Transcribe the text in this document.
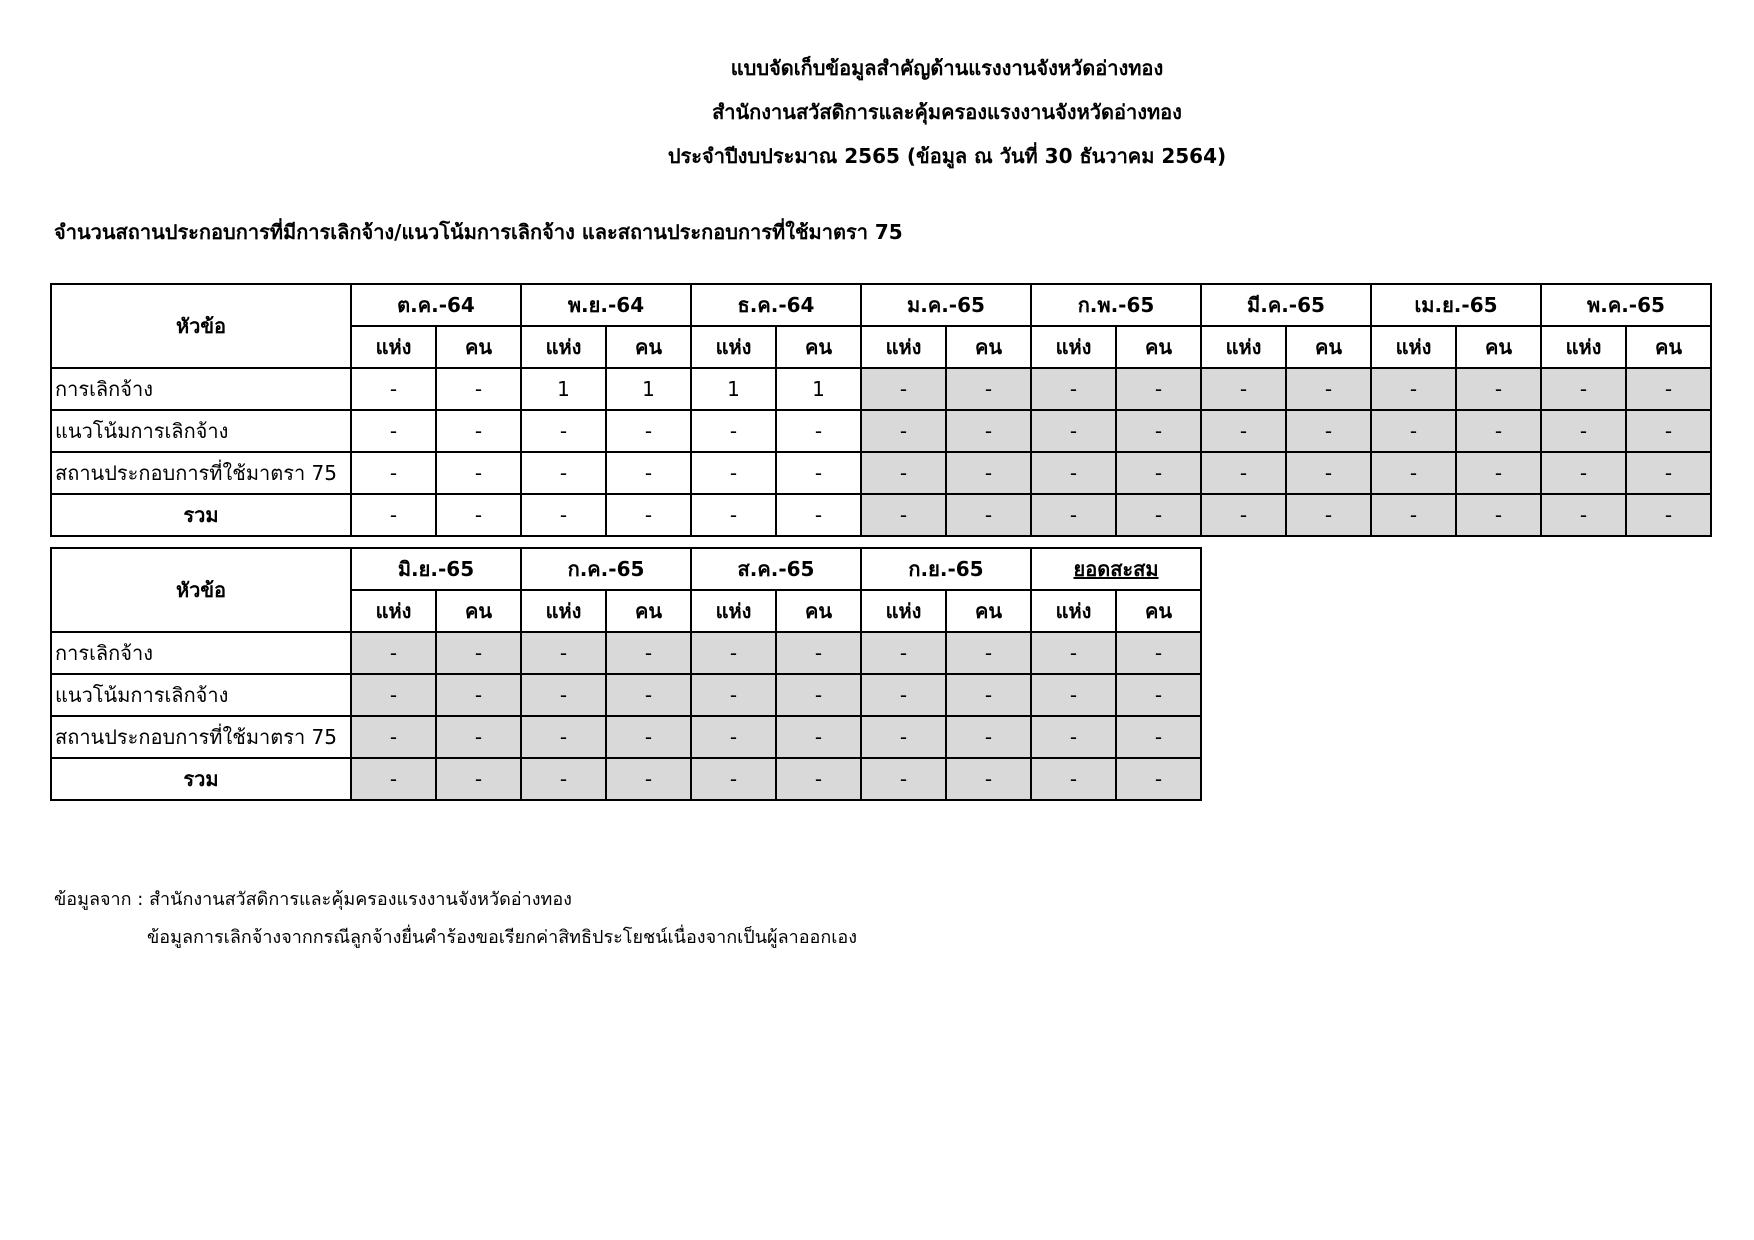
แบบจัดเก็บข้อมูลสำคัญด้านแรงงานจังหวัดอ่างทอง
สำนักงานสวัสดิการและคุ้มครองแรงงานจังหวัดอ่างทอง
ประจำปีงบประมาณ 2565 (ข้อมูล ณ วันที่ 30 ธันวาคม 2564)
จำนวนสถานประกอบการที่มีการเลิกจ้าง/แนวโน้มการเลิกจ้าง และสถานประกอบการที่ใช้มาตรา 75
หัวข้อ	ต.ค.-64		พ.ย.-64		ธ.ค.-64		ม.ค.-65		ก.พ.-65		มี.ค.-65		เม.ย.-65		พ.ค.-65	
	แห่ง	คน	แห่ง	คน	แห่ง	คน	แห่ง	คน	แห่ง	คน	แห่ง	คน	แห่ง	คน	แห่ง	คน
การเลิกจ้าง	-	-	1	1	1	1	-	-	-	-	-	-	-	-	-	-
แนวโน้มการเลิกจ้าง	-	-	-	-	-	-	-	-	-	-	-	-	-	-	-	-
สถานประกอบการที่ใช้มาตรา 75	-	-	-	-	-	-	-	-	-	-	-	-	-	-	-	-
รวม	-	-	-	-	-	-	-	-	-	-	-	-	-	-	-	-
หัวข้อ	มิ.ย.-65		ก.ค.-65		ส.ค.-65		ก.ย.-65		ยอดสะสม	
	แห่ง	คน	แห่ง	คน	แห่ง	คน	แห่ง	คน	แห่ง	คน
การเลิกจ้าง	-	-	-	-	-	-	-	-	-	-
แนวโน้มการเลิกจ้าง	-	-	-	-	-	-	-	-	-	-
สถานประกอบการที่ใช้มาตรา 75	-	-	-	-	-	-	-	-	-	-
รวม	-	-	-	-	-	-	-	-	-	-
ข้อมูลจาก : สำนักงานสวัสดิการและคุ้มครองแรงงานจังหวัดอ่างทอง
ข้อมูลการเลิกจ้างจากกรณีลูกจ้างยื่นคำร้องขอเรียกค่าสิทธิประโยชน์เนื่องจากเป็นผู้ลาออกเอง
